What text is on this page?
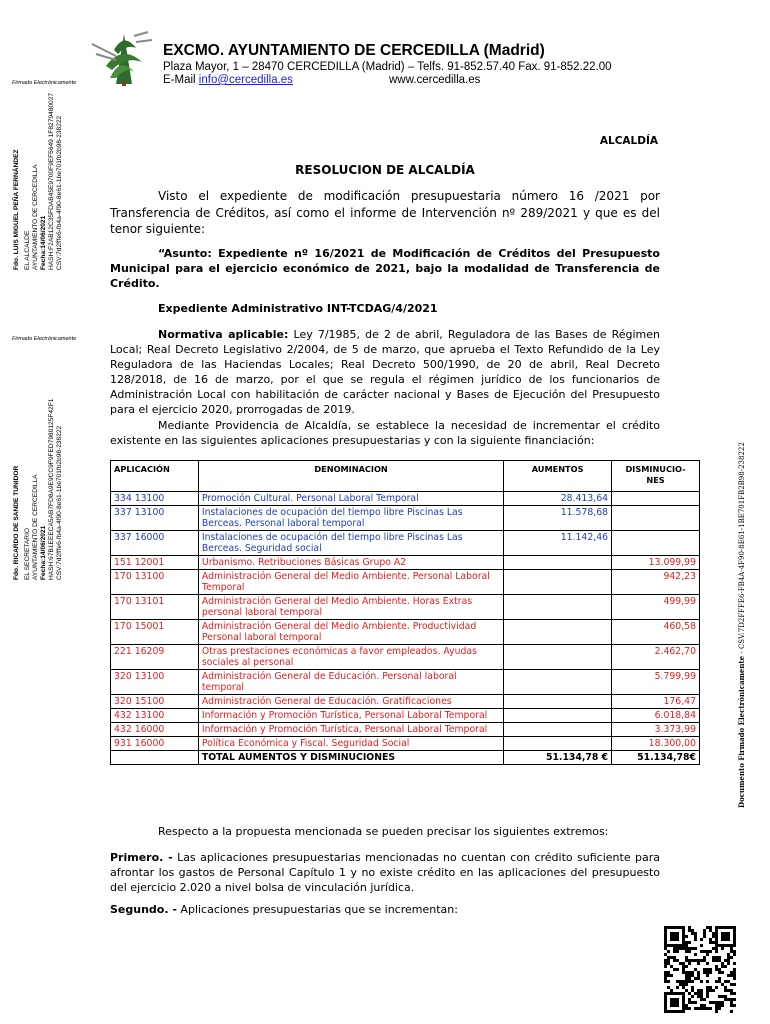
EXCMO. AYUNTAMIENTO DE CERCEDILLA (Madrid)
Plaza Mayor, 1 – 28470 CERCEDILLA (Madrid) – Telfs. 91-852.57.40 Fax. 91-852.22.00
E-Mail info@cercedilla.es	www.cercedilla.es
Firmado Electrónicamente
Fdo. LUIS MIGUEL PEÑA FERNÁNDEZ EL ALCALDE AYUNTAMIENTO DE CERCEDILLA Fecha:14/06/2021 HASH:F2AB12C35FDAB45E9700F9EF5649 1F8279480027 CSV:7d2fffe6-fb4a-4f90-8e61-1be701fb2b98-238222
Firmado Electrónicamente
Fdo. RICARDO DE SANDE TUNIDOR EL SECRETARIO AYUNTAMIENTO DE CERCEDILLA Fecha:14/06/2021 HASH:67B1EEECA5AB7FD8A9E9CC9F9FED7980125F42F1 CSV:7d2fffe6-fb4a-4f90-8e61-1be701fb2b98-238222
Documento Firmado Electrónicamente - CSV:7D2FFFE6-FB4A-4F90-8E61-1BE701FB2B98-238222
ALCALDÍA
RESOLUCION DE ALCALDÍA
Visto el expediente de modificación presupuestaria número 16 /2021 por Transferencia de Créditos, así como el informe de Intervención nº 289/2021 y que es del tenor siguiente:
“Asunto: Expediente nº 16/2021 de Modificación de Créditos del Presupuesto Municipal para el ejercicio económico de 2021, bajo la modalidad de Transferencia de Crédito.
Expediente Administrativo INT-TCDAG/4/2021
Normativa aplicable: Ley 7/1985, de 2 de abril, Reguladora de las Bases de Régimen Local; Real Decreto Legislativo 2/2004, de 5 de marzo, que aprueba el Texto Refundido de la Ley Reguladora de las Haciendas Locales; Real Decreto 500/1990, de 20 de abril, Real Decreto 128/2018, de 16 de marzo, por el que se regula el régimen jurídico de los funcionarios de Administración Local con habilitación de carácter nacional y Bases de Ejecución del Presupuesto para el ejercicio 2020, prorrogadas de 2019.
Mediante Providencia de Alcaldía, se establece la necesidad de incrementar el crédito existente en las siguientes aplicaciones presupuestarias y con la siguiente financiación:
APLICACIÓN	DENOMINACION	AUMENTOS	DISMINUCIO-
NES
334 13100	Promoción Cultural. Personal Laboral Temporal	28.413,64	
337 13100	Instalaciones de ocupación del tiempo libre Piscinas Las Berceas. Personal laboral temporal	11.578,68	
337 16000	Instalaciones de ocupación del tiempo libre Piscinas Las Berceas. Seguridad social	11.142,46	
151 12001	Urbanismo. Retribuciones Básicas Grupo A2		13.099,99
170 13100	Administración General del Medio Ambiente. Personal Laboral Temporal		942,23
170 13101	Administración General del Medio Ambiente. Horas Extras personal laboral temporal		499,99
170 15001	Administración General del Medio Ambiente. Productividad Personal laboral temporal		460,58
221 16209	Otras prestaciones económicas a favor empleados. Ayudas sociales al personal		2.462,70
320 13100	Administración General de Educación. Personal laboral temporal		5.799,99
320 15100	Administración General de Educación. Gratificaciones		176,47
432 13100	Información y Promoción Turística, Personal Laboral Temporal		6.018,84
432 16000	Información y Promoción Turística, Personal Laboral Temporal		3.373,99
931 16000	Política Económica y Fiscal. Seguridad Social		18.300,00
	TOTAL AUMENTOS Y DISMINUCIONES	51.134,78 €	51.134,78€
Respecto a la propuesta mencionada se pueden precisar los siguientes extremos:
Primero. - Las aplicaciones presupuestarias mencionadas no cuentan con crédito suficiente para afrontar los gastos de Personal Capítulo 1 y no existe crédito en las aplicaciones del presupuesto del ejercicio 2.020 a nivel bolsa de vinculación jurídica.
Segundo. - Aplicaciones presupuestarias que se incrementan:
